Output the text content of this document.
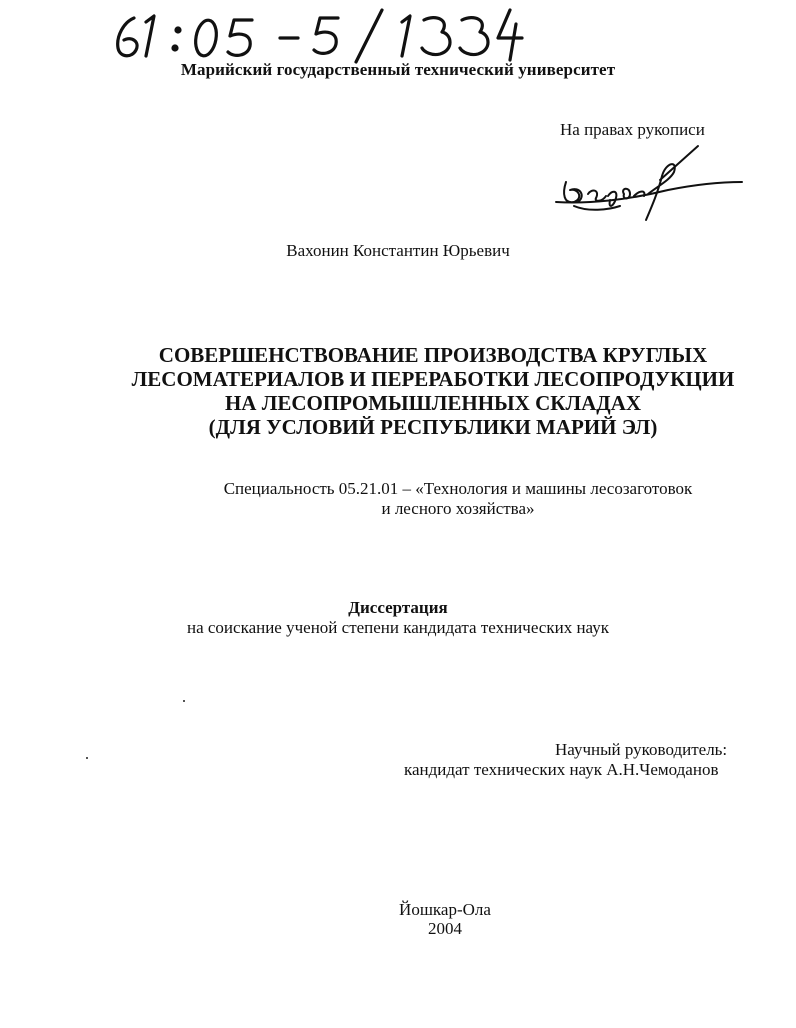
Марийский государственный технический университет
На правах рукописи
Вахонин Константин Юрьевич
СОВЕРШЕНСТВОВАНИЕ ПРОИЗВОДСТВА КРУГЛЫХ
ЛЕСОМАТЕРИАЛОВ И ПЕРЕРАБОТКИ ЛЕСОПРОДУКЦИИ
НА ЛЕСОПРОМЫШЛЕННЫХ СКЛАДАХ
(ДЛЯ УСЛОВИЙ РЕСПУБЛИКИ МАРИЙ ЭЛ)
Специальность 05.21.01 – «Технология и машины лесозаготовок
и лесного хозяйства»
Диссертация
на соискание ученой степени кандидата технических наук
Научный руководитель:
кандидат технических наук А.Н.Чемоданов
Йошкар-Ола
2004
